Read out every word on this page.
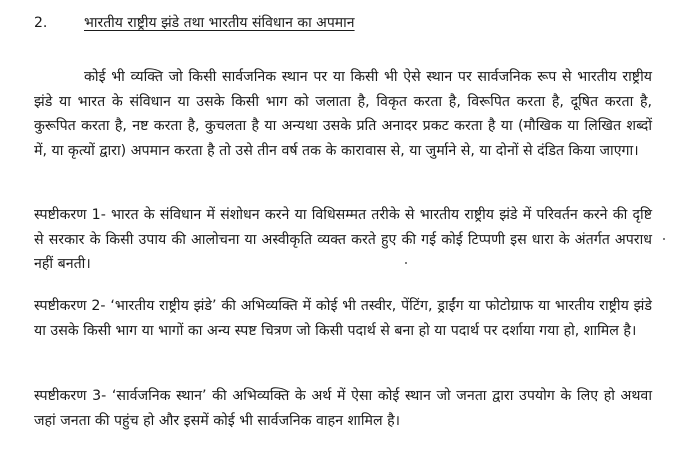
2.	भारतीय राष्ट्रीय झंडे तथा भारतीय संविधान का अपमान

कोई भी व्यक्ति जो किसी सार्वजनिक स्थान पर या किसी भी ऐसे स्थान पर सार्वजनिक रूप से भारतीय राष्ट्रीय झंडे या भारत के संविधान या उसके किसी भाग को जलाता है, विकृत करता है, विरूपित करता है, दूषित करता है, कुरूपित करता है, नष्ट करता है, कुचलता है या अन्यथा उसके प्रति अनादर प्रकट करता है या (मौखिक या लिखित शब्दों में, या कृत्यों द्वारा) अपमान करता है तो उसे तीन वर्ष तक के कारावास से, या जुर्माने से, या दोनों से दंडित किया जाएगा।

स्पष्टीकरण 1- भारत के संविधान में संशोधन करने या विधिसम्मत तरीके से भारतीय राष्ट्रीय झंडे में परिवर्तन करने की दृष्टि से सरकार के किसी उपाय की आलोचना या अस्वीकृति व्यक्त करते हुए की गई कोई टिप्पणी इस धारा के अंतर्गत अपराध नहीं बनती।

स्पष्टीकरण 2- ‘भारतीय राष्ट्रीय झंडे’ की अभिव्यक्ति में कोई भी तस्वीर, पेंटिंग, ड्राईंग या फोटोग्राफ या भारतीय राष्ट्रीय झंडे या उसके किसी भाग या भागों का अन्य स्पष्ट चित्रण जो किसी पदार्थ से बना हो या पदार्थ पर दर्शाया गया हो, शामिल है।

स्पष्टीकरण 3- ‘सार्वजनिक स्थान’ की अभिव्यक्ति के अर्थ में ऐसा कोई स्थान जो जनता द्वारा उपयोग के लिए हो अथवा जहां जनता की पहुंच हो और इसमें कोई भी सार्वजनिक वाहन शामिल है।
